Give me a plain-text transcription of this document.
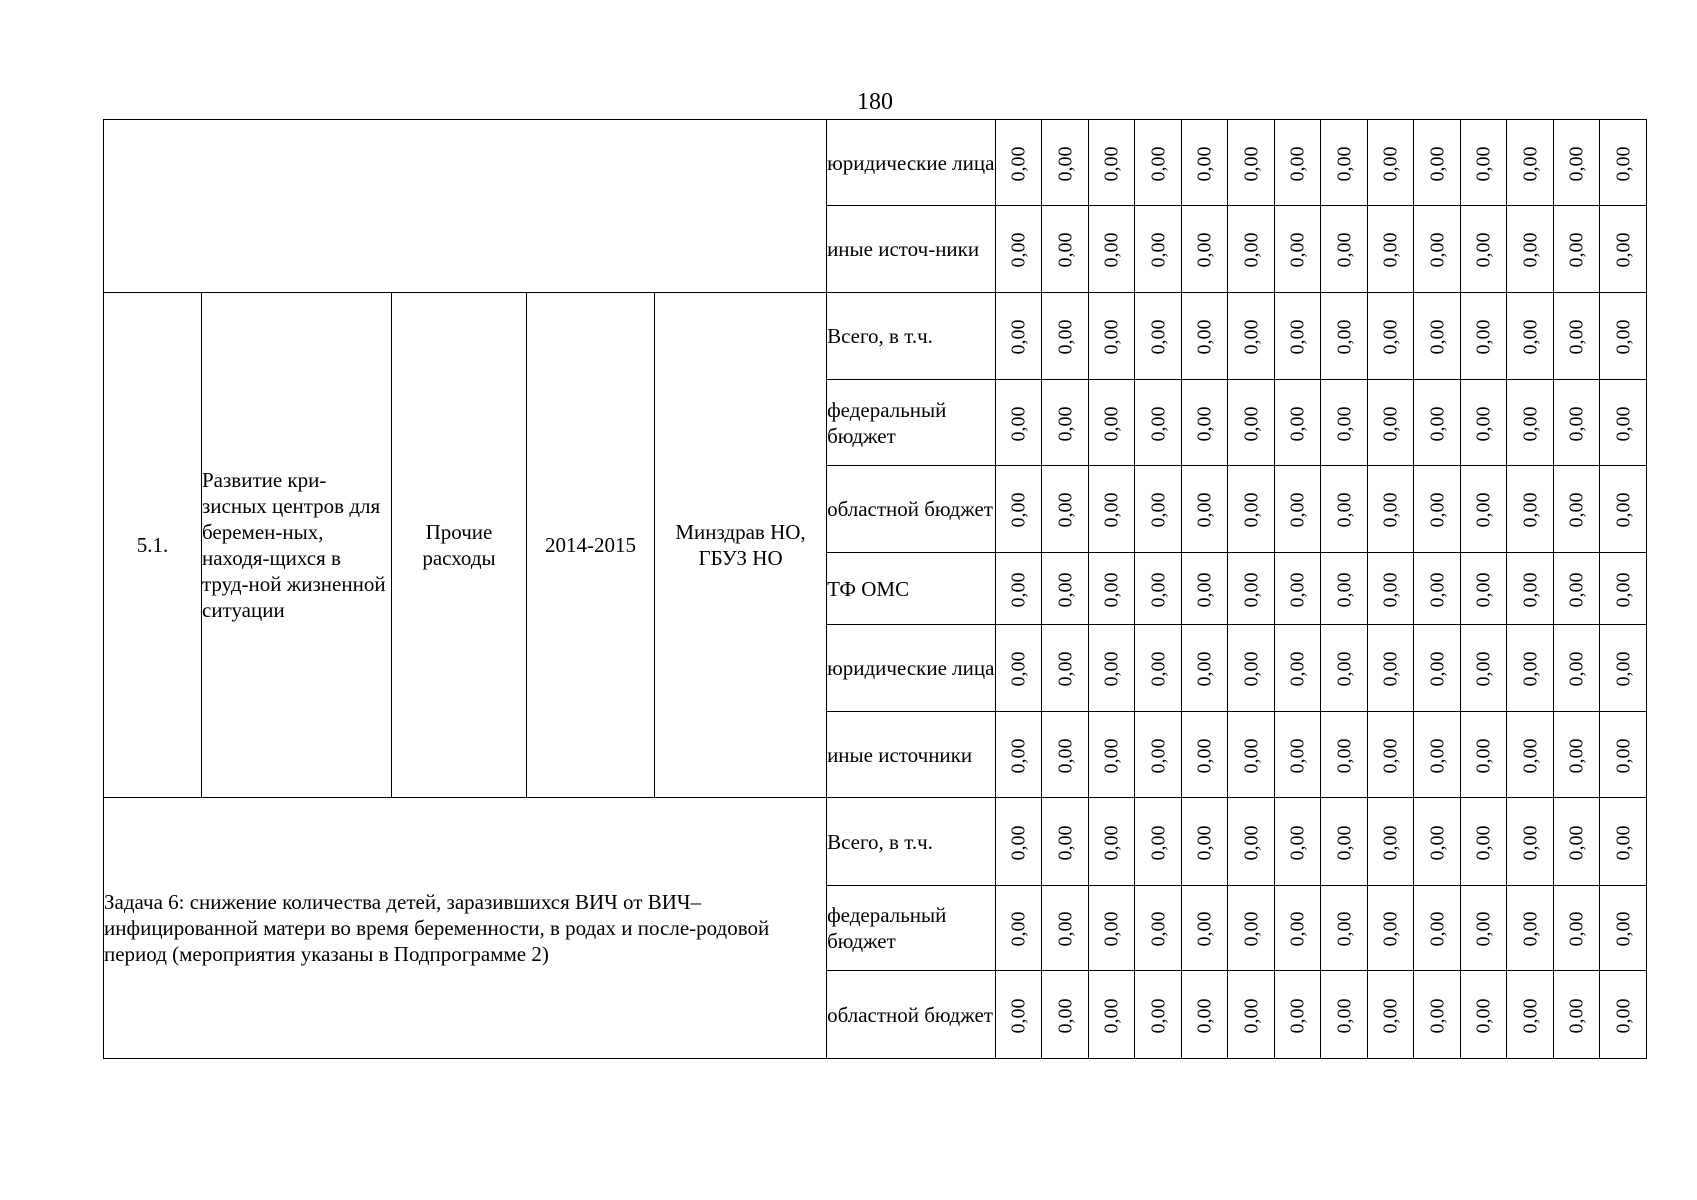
180
					юридические лица	0,00	0,00	0,00	0,00	0,00	0,00	0,00	0,00	0,00	0,00	0,00	0,00	0,00	0,00
					иные источ-ники	0,00	0,00	0,00	0,00	0,00	0,00	0,00	0,00	0,00	0,00	0,00	0,00	0,00	0,00
5.1.	Развитие кри-зисных центров для беремен-ных, находя-щихся в труд-ной жизненной ситуации	Прочие расходы	2014-2015	Минздрав НО, ГБУЗ НО	Всего, в т.ч.	0,00	0,00	0,00	0,00	0,00	0,00	0,00	0,00	0,00	0,00	0,00	0,00	0,00	0,00
					федеральный бюджет	0,00	0,00	0,00	0,00	0,00	0,00	0,00	0,00	0,00	0,00	0,00	0,00	0,00	0,00
					областной бюджет	0,00	0,00	0,00	0,00	0,00	0,00	0,00	0,00	0,00	0,00	0,00	0,00	0,00	0,00
					ТФ ОМС	0,00	0,00	0,00	0,00	0,00	0,00	0,00	0,00	0,00	0,00	0,00	0,00	0,00	0,00
					юридические лица	0,00	0,00	0,00	0,00	0,00	0,00	0,00	0,00	0,00	0,00	0,00	0,00	0,00	0,00
					иные источники	0,00	0,00	0,00	0,00	0,00	0,00	0,00	0,00	0,00	0,00	0,00	0,00	0,00	0,00
Задача 6: снижение количества детей, заразившихся ВИЧ от ВИЧ–инфицированной матери во время беременности, в родах и после-родовой период (мероприятия указаны в Подпрограмме 2)					Всего, в т.ч.	0,00	0,00	0,00	0,00	0,00	0,00	0,00	0,00	0,00	0,00	0,00	0,00	0,00	0,00
					федеральный бюджет	0,00	0,00	0,00	0,00	0,00	0,00	0,00	0,00	0,00	0,00	0,00	0,00	0,00	0,00
					областной бюджет	0,00	0,00	0,00	0,00	0,00	0,00	0,00	0,00	0,00	0,00	0,00	0,00	0,00	0,00
